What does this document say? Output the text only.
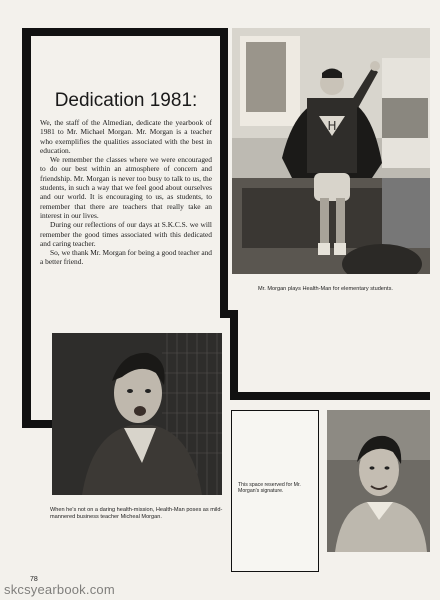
Dedication 1981:

We, the staff of the Almedian, dedicate the yearbook of 1981 to Mr. Michael Morgan. Mr. Morgan is a teacher who exemplifies the qualities associated with the best in education.

We remember the classes where we were encouraged to do our best within an atmosphere of concern and friendship. Mr. Morgan is never too busy to talk to us, the students, in such a way that we feel good about ourselves and our world. It is encouraging to us, as students, to remember that there are teachers that really take an interest in our lives.

During our reflections of our days at S.K.C.S. we will remember the good times associated with this dedicated and caring teacher.

So, we thank Mr. Morgan for being a good teacher and a better friend.

H
Mr. Morgan plays Health-Man for elementary students.
When he's not on a daring health-mission, Health-Man poses as mild-mannered business teacher Micheal Morgan.
This space reserved for Mr. Morgan's signature.
78
skcsyearbook.com
